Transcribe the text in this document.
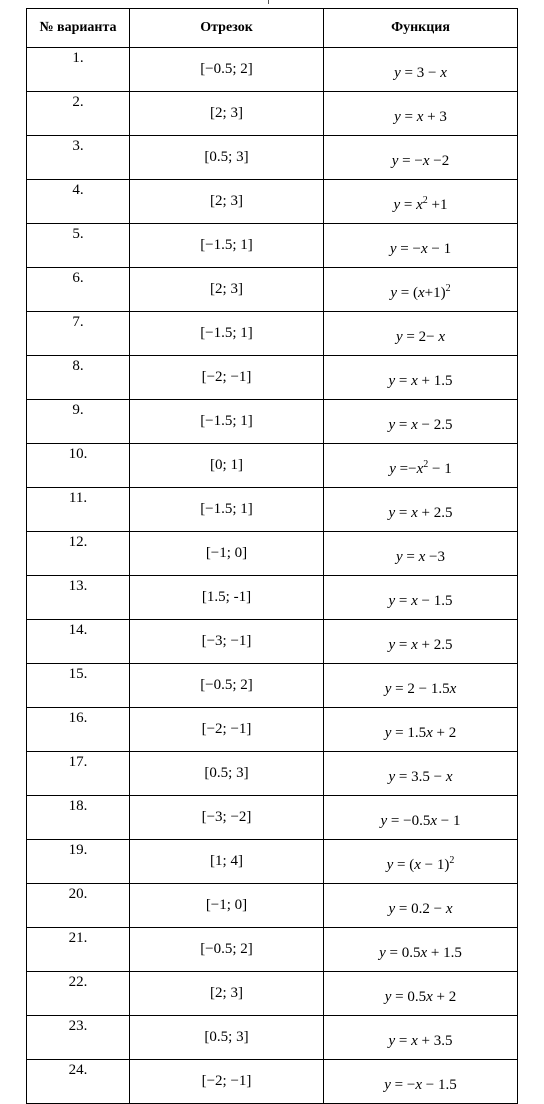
№ варианта	Отрезок	Функция
1.	[−0.5; 2]	y = 3 − x
2.	[2; 3]	y = x + 3
3.	[0.5; 3]	y = −x −2
4.	[2; 3]	$y = x^2 +1$
5.	[−1.5; 1]	y = −x − 1
6.	[2; 3]	$y = (x+1)^2$
7.	[−1.5; 1]	y = 2− x
8.	[−2; −1]	y = x + 1.5
9.	[−1.5; 1]	y = x − 2.5
10.	[0; 1]	$y =-x^2 - 1$
11.	[−1.5; 1]	y = x + 2.5
12.	[−1; 0]	y = x −3
13.	[1.5; -1]	y = x − 1.5
14.	[−3; −1]	y = x + 2.5
15.	[−0.5; 2]	y = 2 − 1.5x
16.	[−2; −1]	y = 1.5x + 2
17.	[0.5; 3]	y = 3.5 − x
18.	[−3; −2]	y = −0.5x − 1
19.	[1; 4]	$y = (x - 1)^2$
20.	[−1; 0]	y = 0.2 − x
21.	[−0.5; 2]	y = 0.5x + 1.5
22.	[2; 3]	y = 0.5x + 2
23.	[0.5; 3]	y = x + 3.5
24.	[−2; −1]	y = −x − 1.5
